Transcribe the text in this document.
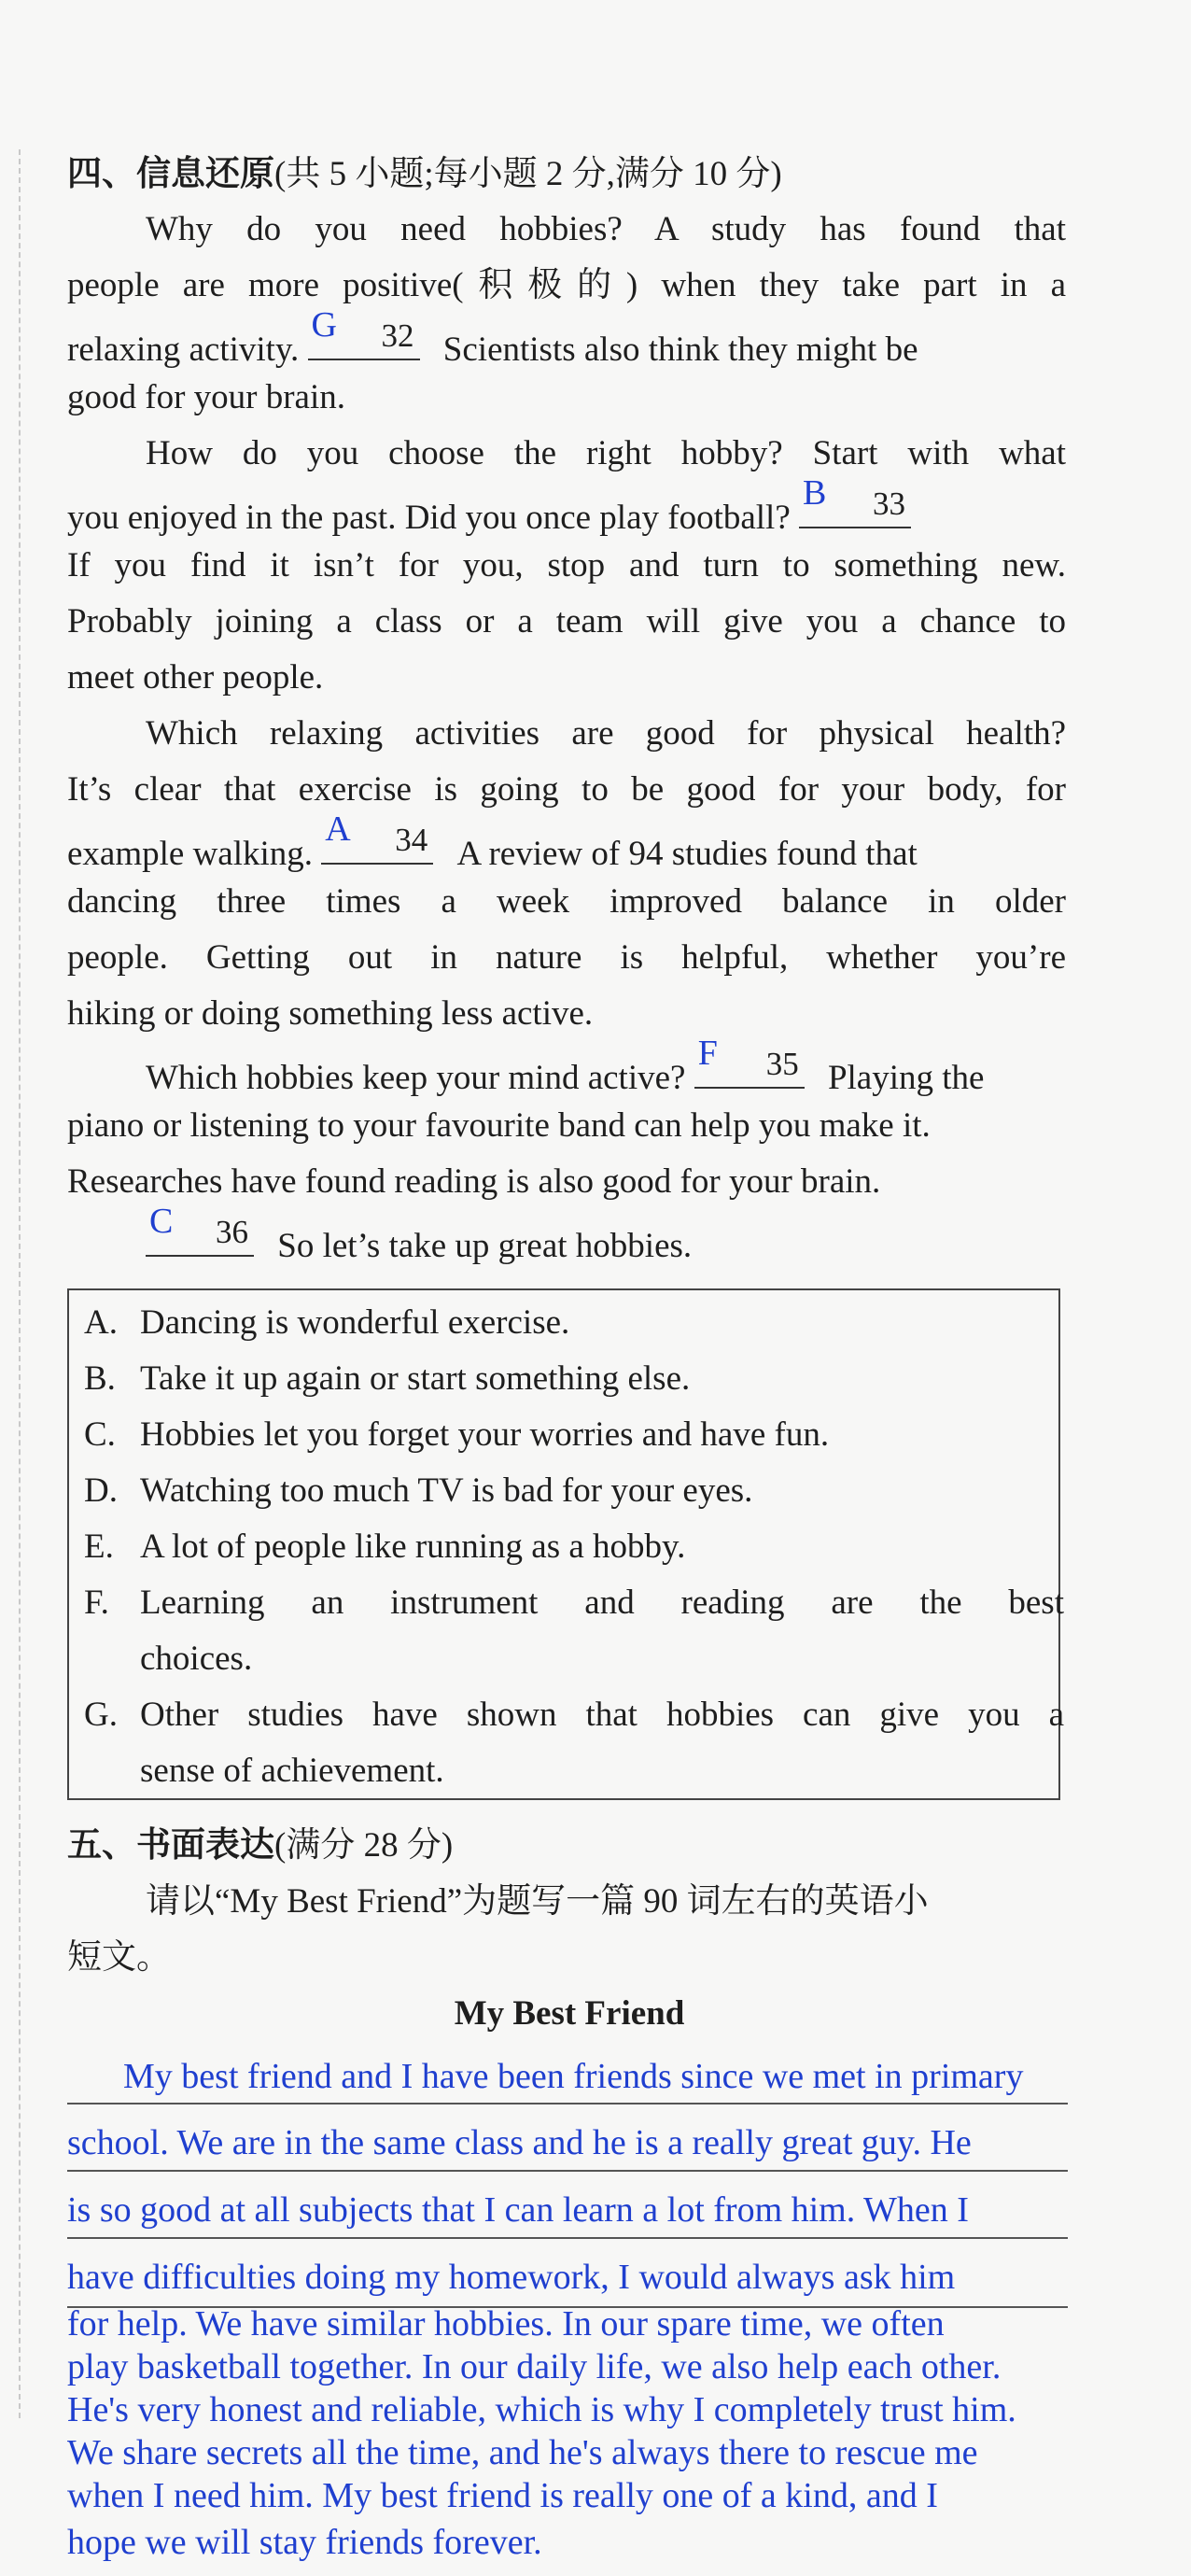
四、信息还原(共 5 小题;每小题 2 分,满分 10 分)
Why do you need hobbies? A study has found that
people are more positive(积极的) when they take part in a
relaxing activity.
G 32 Scientists also think they might be
good for your brain.
How do you choose the right hobby? Start with what
you enjoyed in the past. Did you once play football?
B 33
If you find it isn’t for you, stop and turn to something new.
Probably joining a class or a team will give you a chance to
meet other people.
Which relaxing activities are good for physical health?
It’s clear that exercise is going to be good for your body, for
example walking.
A 34 A review of 94 studies found that
dancing three times a week improved balance in older
people. Getting out in nature is helpful, whether you’re
hiking or doing something less active.
Which hobbies keep your mind active?
F 35 Playing the
piano or listening to your favourite band can help you make it.
Researches have found reading is also good for your brain.
C 36 So let’s take up great hobbies.
A. Dancing is wonderful exercise.
B. Take it up again or start something else.
C. Hobbies let you forget your worries and have fun.
D. Watching too much TV is bad for your eyes.
E. A lot of people like running as a hobby.
F. Learning an instrument and reading are the best
choices.
G. Other studies have shown that hobbies can give you a
sense of achievement.
五、书面表达(满分 28 分)
请以“My Best Friend”为题写一篇 90 词左右的英语小
短文。
My Best Friend
My best friend and I have been friends since we met in primary
school. We are in the same class and he is a really great guy. He
is so good at all subjects that I can learn a lot from him. When I
have difficulties doing my homework, I would always ask him
for help. We have similar hobbies. In our spare time, we often
play basketball together. In our daily life, we also help each other.
He's very honest and reliable, which is why I completely trust him.
We share secrets all the time, and he's always there to rescue me
when I need him. My best friend is really one of a kind, and I
hope we will stay friends forever.
